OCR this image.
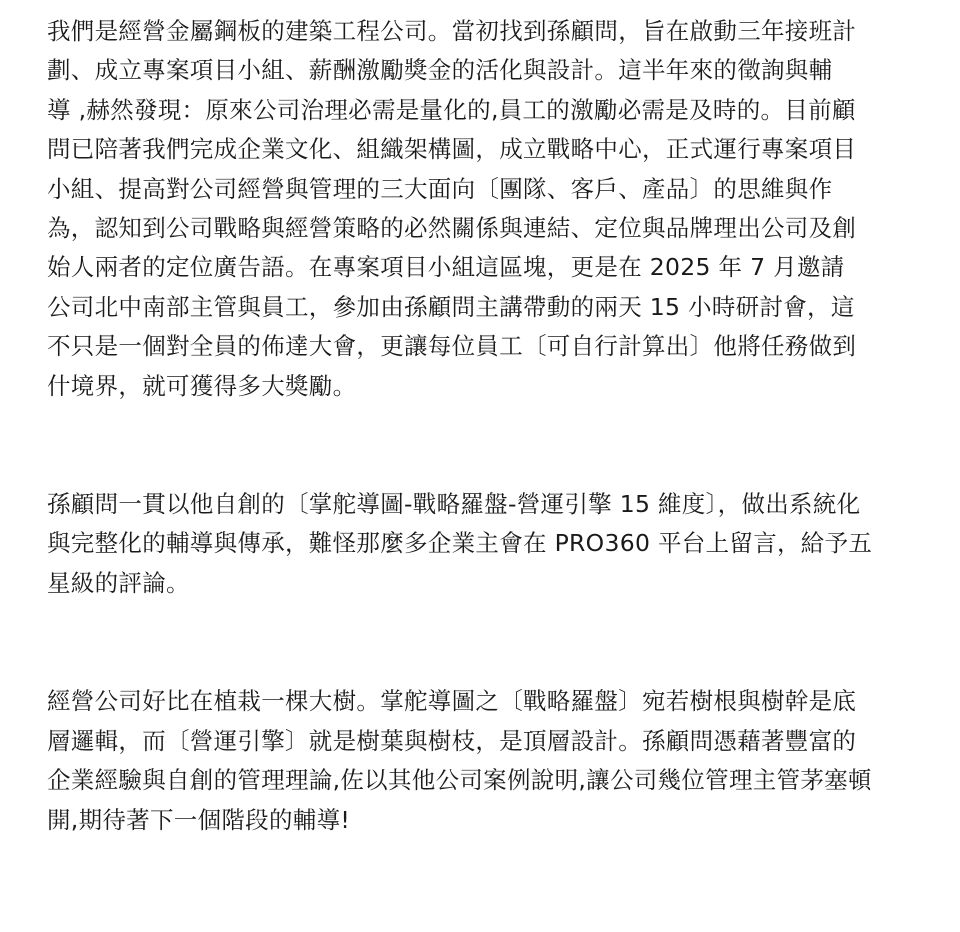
我們是經營金屬鋼板的建築工程公司。當初找到孫顧問，旨在啟動三年接班計
劃、成立專案項目小組、薪酬激勵獎金的活化與設計。這半年來的徵詢與輔
導 ,赫然發現：原來公司治理必需是量化的,員工的激勵必需是及時的。目前顧
問已陪著我們完成企業文化、組織架構圖，成立戰略中心，正式運行專案項目
小組、提高對公司經營與管理的三大面向〔團隊、客戶、產品〕的思維與作
為，認知到公司戰略與經營策略的必然關係與連結、定位與品牌理出公司及創
始人兩者的定位廣告語。在專案項目小組這區塊，更是在 2025 年 7 月邀請
公司北中南部主管與員工，參加由孫顧問主講帶動的兩天 15 小時研討會，這
不只是一個對全員的佈達大會，更讓每位員工〔可自行計算出〕他將任務做到
什境界，就可獲得多大獎勵。

孫顧問一貫以他自創的〔掌舵導圖-戰略羅盤-營運引擎 15 維度〕，做出系統化
與完整化的輔導與傳承，難怪那麼多企業主會在 PRO360 平台上留言，給予五
星級的評論。

經營公司好比在植栽一棵大樹。掌舵導圖之〔戰略羅盤〕宛若樹根與樹幹是底
層邏輯，而〔營運引擎〕就是樹葉與樹枝，是頂層設計。孫顧問憑藉著豐富的
企業經驗與自創的管理理論,佐以其他公司案例說明,讓公司幾位管理主管茅塞頓
開,期待著下一個階段的輔導!
